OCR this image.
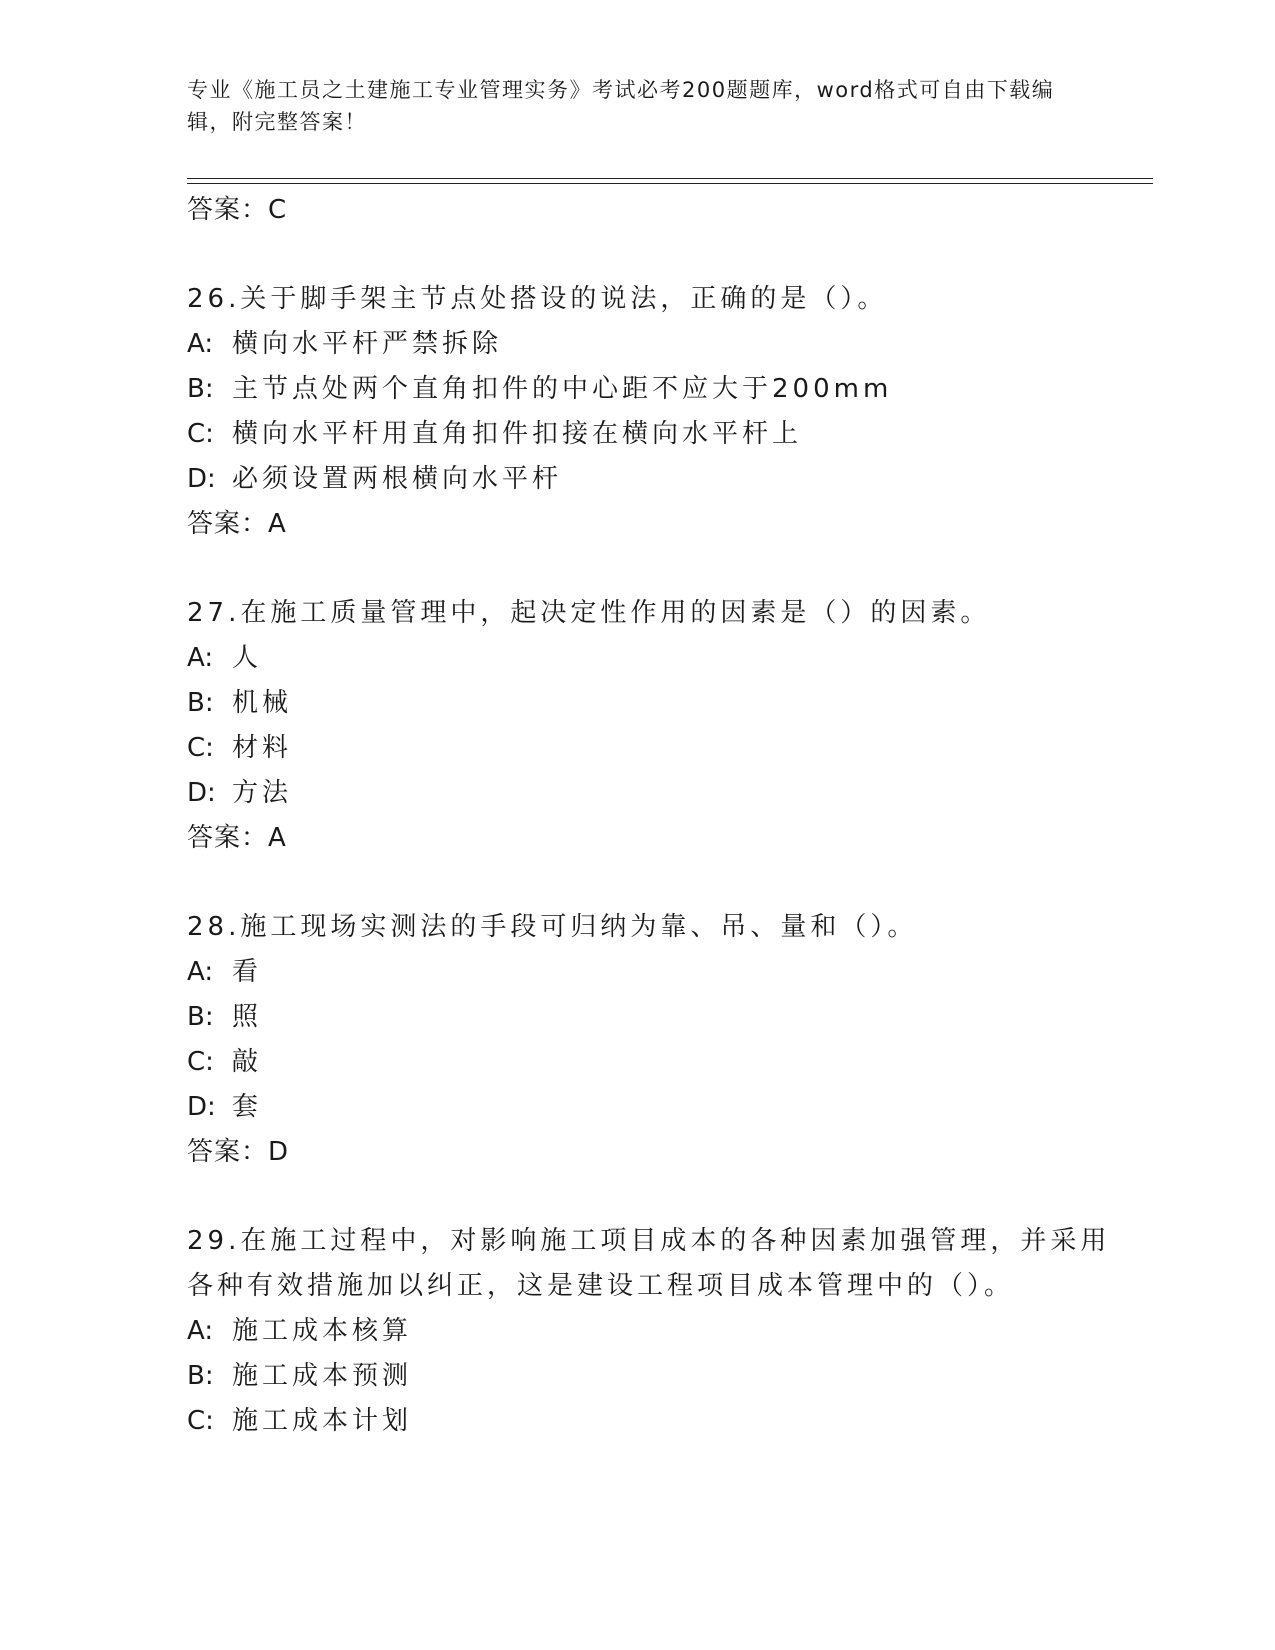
专业《施工员之土建施工专业管理实务》考试必考200题题库，word格式可自由下载编辑，附完整答案！
答案：C
26.关于脚手架主节点处搭设的说法，正确的是（）。
A: 横向水平杆严禁拆除
B: 主节点处两个直角扣件的中心距不应大于200mm
C: 横向水平杆用直角扣件扣接在横向水平杆上
D: 必须设置两根横向水平杆
答案：A
27.在施工质量管理中，起决定性作用的因素是（）的因素。
A: 人
B: 机械
C: 材料
D: 方法
答案：A
28.施工现场实测法的手段可归纳为靠、吊、量和（）。
A: 看
B: 照
C: 敲
D: 套
答案：D
29.在施工过程中，对影响施工项目成本的各种因素加强管理，并采用各种有效措施加以纠正，这是建设工程项目成本管理中的（）。
A: 施工成本核算
B: 施工成本预测
C: 施工成本计划
